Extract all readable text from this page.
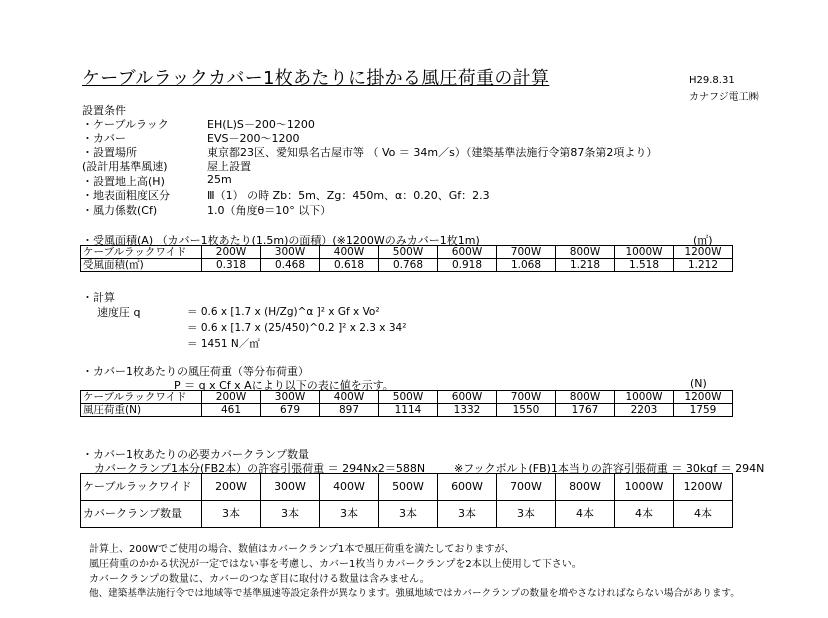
ケーブルラックカバー1枚あたりに掛かる風圧荷重の計算	H29.8.31
カナフジ電工㈱
設置条件
・ケーブルラック	EH(L)S－200～1200
・カバー	EVS－200～1200
・設置場所	東京都23区、愛知県名古屋市等 （ Vo ＝ 34m／s）（建築基準法施行令第87条第2項より）
(設計用基準風速)	屋上設置
・設置地上高(H)	25m
・地表面粗度区分	Ⅲ（1） の時 Zb：5m、Zg：450m、α：0.20、Gf：2.3
・風力係数(Cf)	1.0（角度θ＝10° 以下）
・受風面積(A) （カバー1枚あたり(1.5m)の面積）(※1200Wのみカバー1枚1m)	(㎡)
ケーブルラックワイド	200W	300W	400W	500W	600W	700W	800W	1000W	1200W
受風面積(㎡)	0.318	0.468	0.618	0.768	0.918	1.068	1.218	1.518	1.212
・計算
速度圧 q	＝ 0.6 x [1.7 x (H/Zg)^α ]² x Gf x Vo²
＝ 0.6 x [1.7 x (25/450)^0.2 ]² x 2.3 x 34²
＝ 1451 N／㎡
・カバー1枚あたりの風圧荷重（等分布荷重）
P ＝ q x Cf x Aにより以下の表に値を示す。	(N)
ケーブルラックワイド	200W	300W	400W	500W	600W	700W	800W	1000W	1200W
風圧荷重(N)	461	679	897	1114	1332	1550	1767	2203	1759
・カバー1枚あたりの必要カバークランプ数量
カバークランプ1本分(FB2本）の許容引張荷重 ＝ 294Nx2＝588N	※フックボルト(FB)1本当りの許容引張荷重 ＝ 30kgf ＝ 294N
ケーブルラックワイド	200W	300W	400W	500W	600W	700W	800W	1000W	1200W
カバークランプ数量	3本	3本	3本	3本	3本	3本	4本	4本	4本
計算上、200Wでご使用の場合、数値はカバークランプ1本で風圧荷重を満たしておりますが、
風圧荷重のかかる状況が一定ではない事を考慮し、カバー1枚当りカバークランプを2本以上使用して下さい。
カバークランプの数量に、カバーのつなぎ目に取付ける数量は含みません。
他、建築基準法施行令では地域等で基準風速等設定条件が異なります。強風地域ではカバークランプの数量を増やさなければならない場合があります。
